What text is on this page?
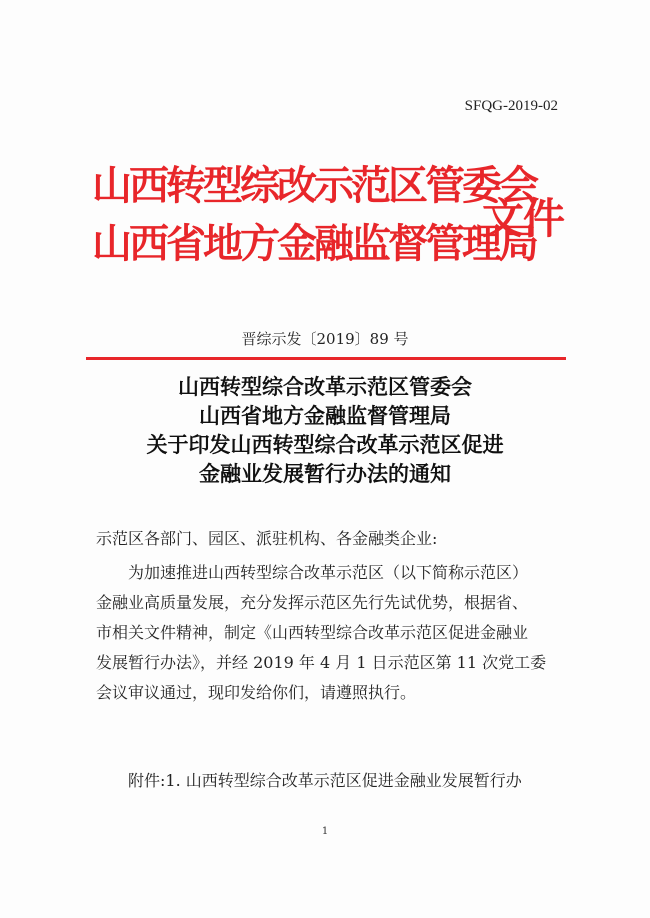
SFQG-2019-02
山西转型综改示范区管委会
山西省地方金融监督管理局
文件
晋综示发〔2019〕89 号
山西转型综合改革示范区管委会
山西省地方金融监督管理局
关于印发山西转型综合改革示范区促进
金融业发展暂行办法的通知
示范区各部门、园区、派驻机构、各金融类企业:
为加速推进山西转型综合改革示范区（以下简称示范区）
金融业高质量发展，充分发挥示范区先行先试优势，根据省、
市相关文件精神，制定《山西转型综合改革示范区促进金融业
发展暂行办法》，并经 2019 年 4 月 1 日示范区第 11 次党工委
会议审议通过，现印发给你们，请遵照执行。
附件:1. 山西转型综合改革示范区促进金融业发展暂行办
1
